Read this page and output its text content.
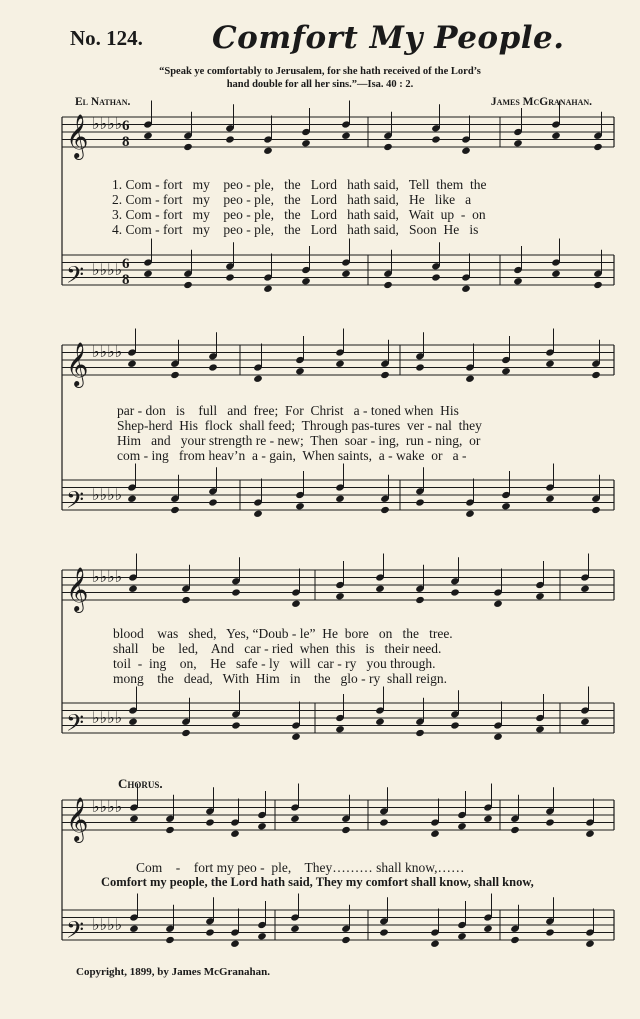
No. 124. Comfort My People.
“Speak ye comfortably to Jerusalem, for she hath received of the Lord’s
hand double for all her sins.”—Isa. 40 : 2.
El Nathan.	James McGranahan.
𝄞 ♭♭♭♭
𝄢 ♭♭♭♭
𝄞 ♭♭♭♭
𝄢 ♭♭♭♭
𝄞 ♭♭♭♭
𝄢 ♭♭♭♭
𝄞 ♭♭♭♭
𝄢 ♭♭♭♭
6
8
6
8
1. Com - fort   my    peo - ple,   the   Lord   hath said,   Tell  them  the
2. Com - fort   my    peo - ple,   the   Lord   hath said,   He   like   a
3. Com - fort   my    peo - ple,   the   Lord   hath said,   Wait  up  -  on
4. Com - fort   my    peo - ple,   the   Lord   hath said,   Soon  He   is
par - don   is    full   and  free;  For  Christ   a - toned when  His
Shep-herd  His  flock  shall feed;  Through pas-tures  ver - nal  they
Him   and   your strength re - new;  Then  soar - ing,  run - ning,  or
com - ing   from heav’n  a - gain,  When saints,  a - wake  or   a -
blood    was   shed,   Yes, “Doub - le”  He  bore   on   the   tree.
shall    be    led,    And   car - ried  when  this   is   their need.
toil  -  ing    on,    He   safe - ly   will  car - ry   you through.
mong    the   dead,   With  Him   in    the   glo - ry  shall reign.
Chorus.
Com    -    fort my peo -  ple,    They……… shall know,……
Comfort my people, the Lord hath said, They my comfort shall know, shall know,
Copyright, 1899, by James McGranahan.
